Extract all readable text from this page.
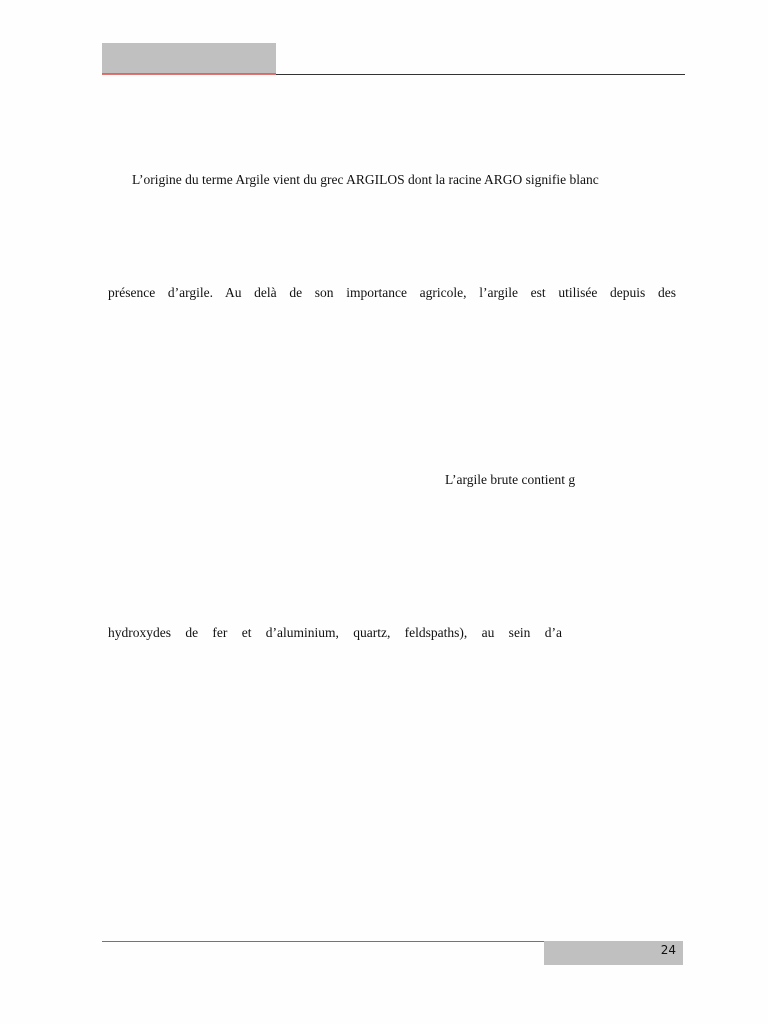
L’origine du terme Argile vient du grec ARGILOS dont la racine ARGO signifie blanc
présence d’argile. Au delà de son importance agricole, l’argile est utilisée depuis des
L’argile brute contient g
hydroxydes de fer et d’aluminium, quartz, feldspaths), au sein d’a
24
